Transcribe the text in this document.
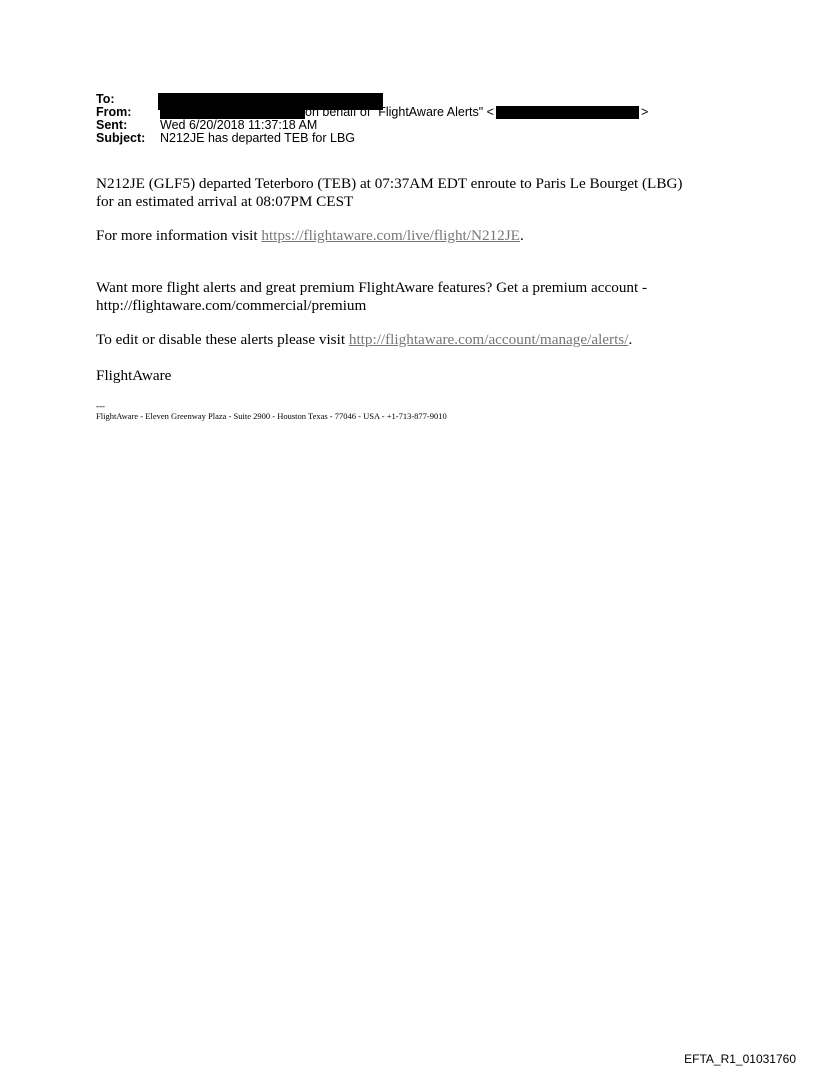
To:
From:	on behalf of "FlightAware Alerts" <	>
Sent:	Wed 6/20/2018 11:37:18 AM
Subject: N212JE has departed TEB for LBG
N212JE (GLF5) departed Teterboro (TEB) at 07:37AM EDT enroute to Paris Le Bourget (LBG) for an estimated arrival at 08:07PM CEST
For more information visit https://flightaware.com/live/flight/N212JE.
Want more flight alerts and great premium FlightAware features? Get a premium account - http://flightaware.com/commercial/premium
To edit or disable these alerts please visit http://flightaware.com/account/manage/alerts/.
FlightAware
---
FlightAware - Eleven Greenway Plaza - Suite 2900 - Houston Texas - 77046 - USA - +1-713-877-9010
EFTA_R1_01031760
